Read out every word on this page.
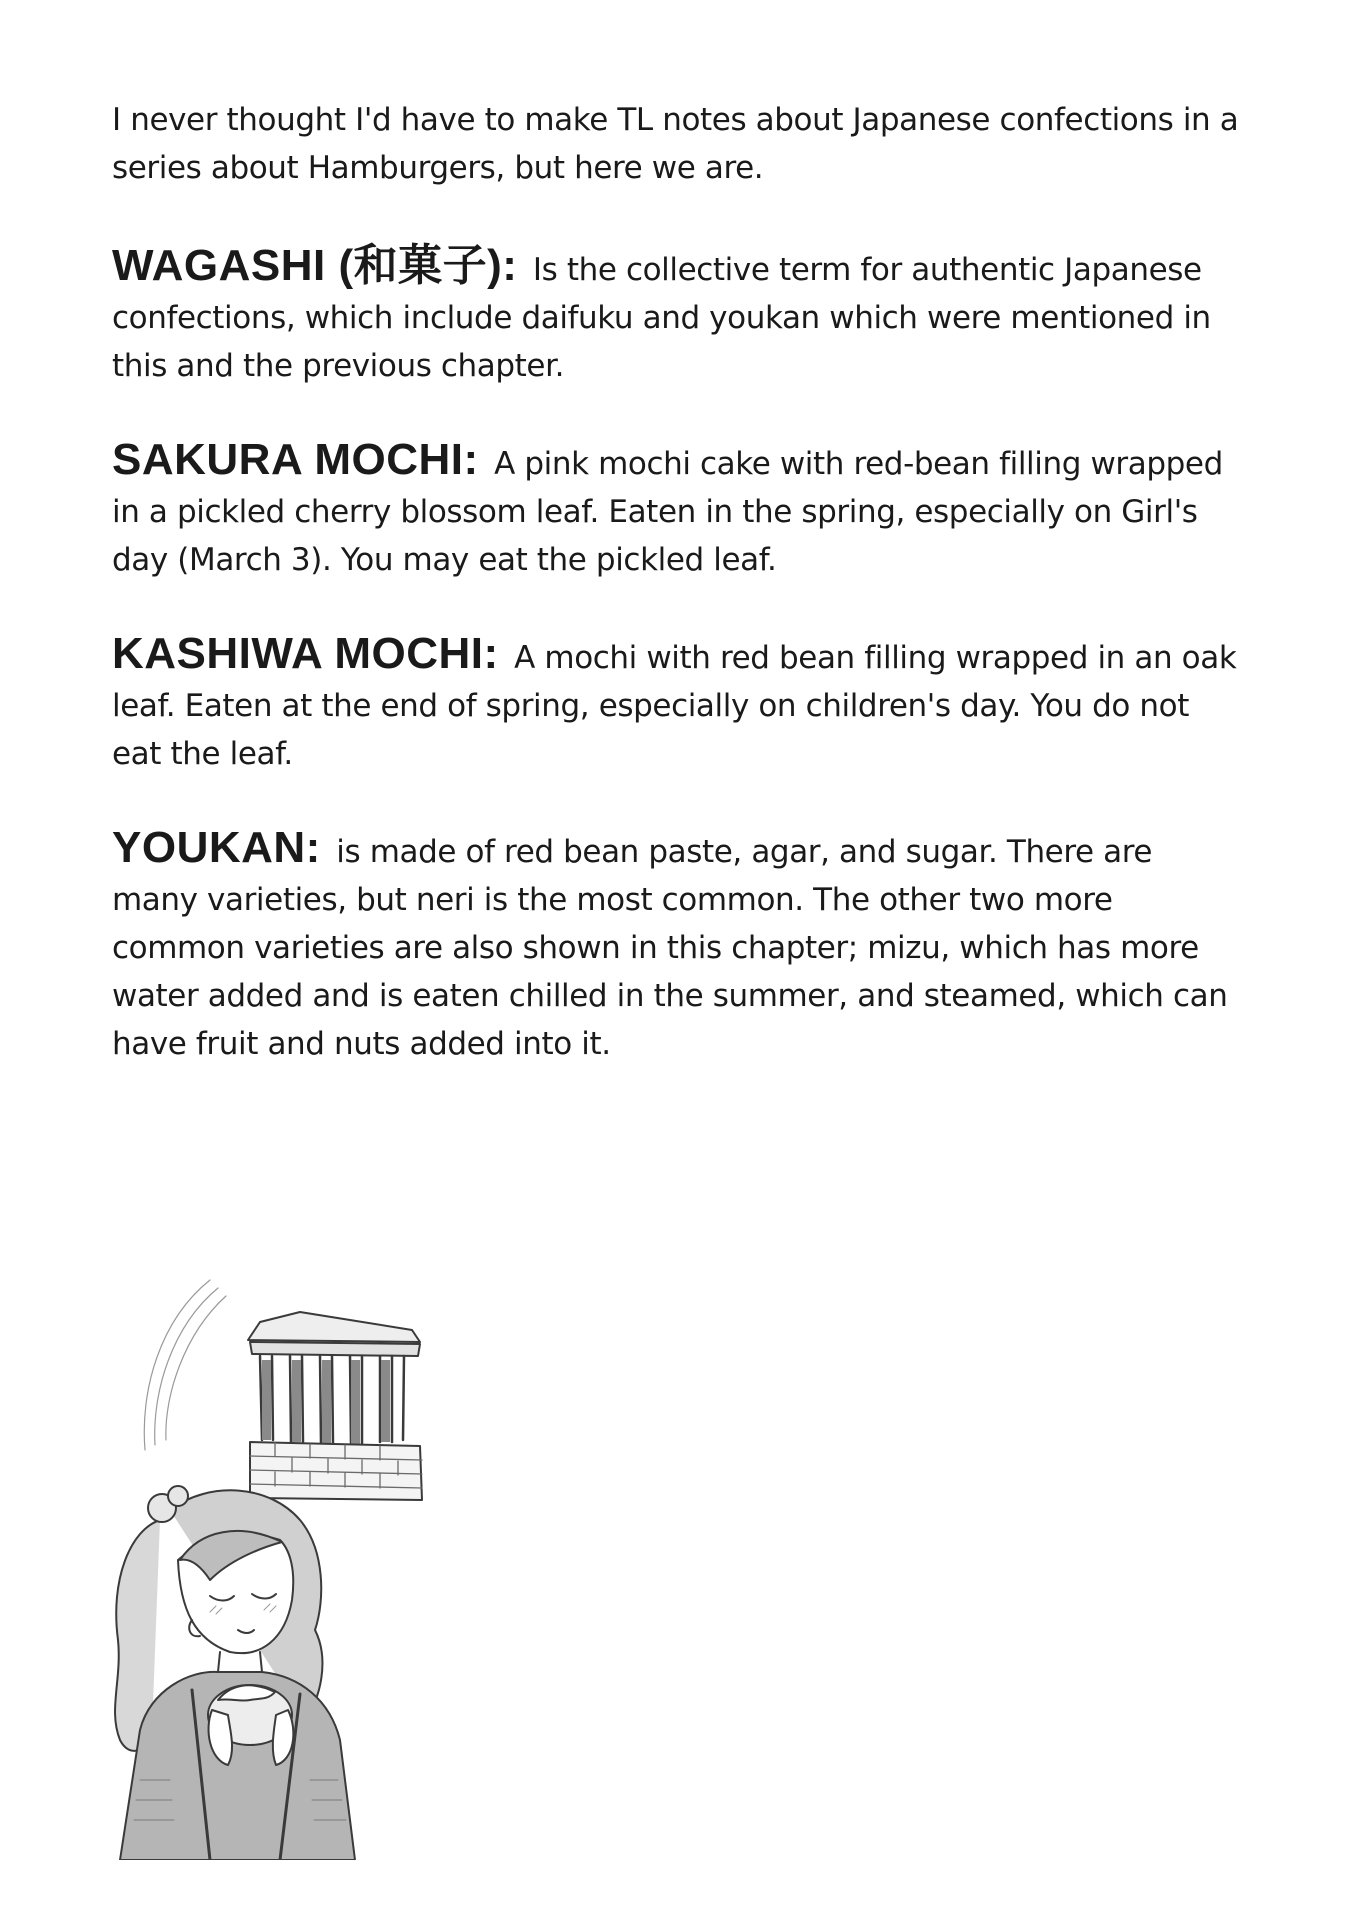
I never thought I'd have to make TL notes about Japanese confections in a series about Hamburgers, but here we are.

WAGASHI (和菓子): Is the collective term for authentic Japanese confections, which include daifuku and youkan which were mentioned in this and the previous chapter.

SAKURA MOCHI: A pink mochi cake with red-bean filling wrapped in a pickled cherry blossom leaf. Eaten in the spring, especially on Girl's day (March 3). You may eat the pickled leaf.

KASHIWA MOCHI: A mochi with red bean filling wrapped in an oak leaf. Eaten at the end of spring, especially on children's day. You do not eat the leaf.

YOUKAN: is made of red bean paste, agar, and sugar. There are many varieties, but neri is the most common. The other two more common varieties are also shown in this chapter; mizu, which has more water added and is eaten chilled in the summer, and steamed, which can have fruit and nuts added into it.
